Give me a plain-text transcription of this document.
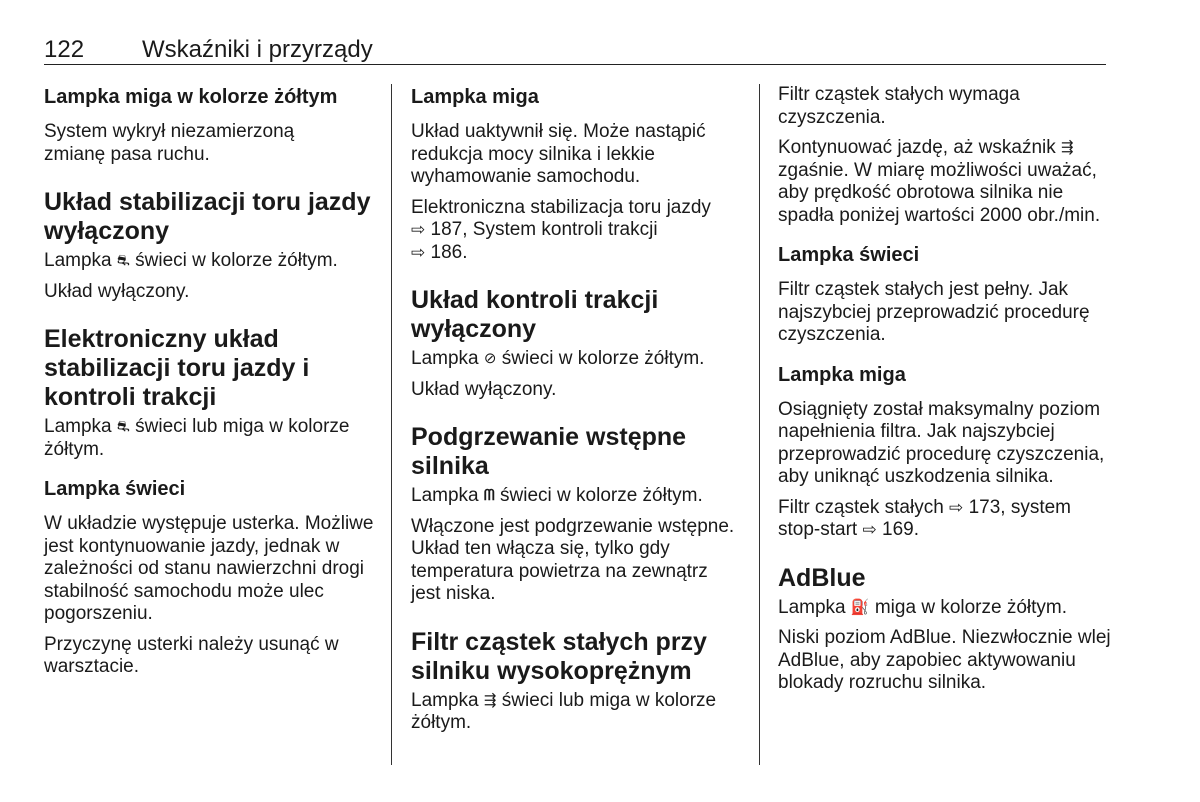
122 Wskaźniki i przyrządy
Lampka miga w kolorze żółtym

System wykrył niezamierzoną zmianę pasa ruchu.

Układ stabilizacji toru jazdy wyłączony

Lampka ⛐ świeci w kolorze żółtym.

Układ wyłączony.

Elektroniczny układ stabilizacji toru jazdy i kontroli trakcji

Lampka ⛐ świeci lub miga w kolorze żółtym.

Lampka świeci

W układzie występuje usterka. Możliwe jest kontynuowanie jazdy, jednak w zależności od stanu nawierzchni drogi stabilność samochodu może ulec pogorszeniu.

Przyczynę usterki należy usunąć w warsztacie.

Lampka miga

Układ uaktywnił się. Może nastąpić redukcja mocy silnika i lekkie wyhamowanie samochodu.

Elektroniczna stabilizacja toru jazdy
⇨ 187, System kontroli trakcji
⇨ 186.

Układ kontroli trakcji wyłączony

Lampka ⊘ świeci w kolorze żółtym.

Układ wyłączony.

Podgrzewanie wstępne silnika

Lampka ᗰ świeci w kolorze żółtym.

Włączone jest podgrzewanie wstępne. Układ ten włącza się, tylko gdy temperatura powietrza na zewnątrz jest niska.

Filtr cząstek stałych przy silniku wysokoprężnym

Lampka ⇶ świeci lub miga w kolorze żółtym.

Filtr cząstek stałych wymaga czyszczenia.

Kontynuować jazdę, aż wskaźnik ⇶ zgaśnie. W miarę możliwości uważać, aby prędkość obrotowa silnika nie spadła poniżej wartości 2000 obr./min.

Lampka świeci

Filtr cząstek stałych jest pełny. Jak najszybciej przeprowadzić procedurę czyszczenia.

Lampka miga

Osiągnięty został maksymalny poziom napełnienia filtra. Jak najszybciej przeprowadzić procedurę czyszczenia, aby uniknąć uszkodzenia silnika.

Filtr cząstek stałych ⇨ 173, system stop-start ⇨ 169.

AdBlue

Lampka ⛽ miga w kolorze żółtym.

Niski poziom AdBlue. Niezwłocznie wlej AdBlue, aby zapobiec aktywowaniu blokady rozruchu silnika.
